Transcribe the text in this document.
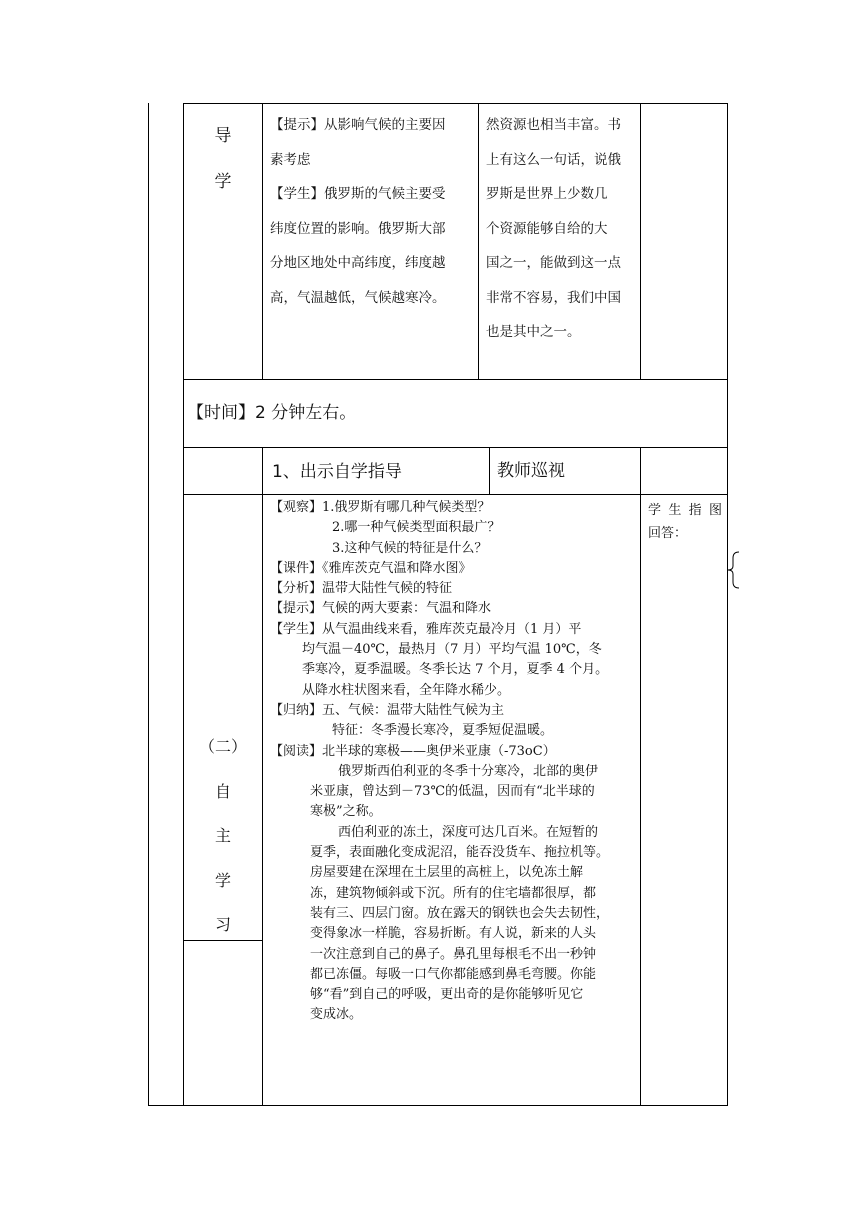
导
学
【提示】从影响气候的主要因
素考虑
【学生】俄罗斯的气候主要受
纬度位置的影响。俄罗斯大部
分地区地处中高纬度，纬度越
高，气温越低，气候越寒冷。
然资源也相当丰富。书
上有这么一句话，说俄
罗斯是世界上少数几
个资源能够自给的大
国之一，能做到这一点
非常不容易，我们中国
也是其中之一。
【时间】2 分钟左右。
1、出示自学指导	教师巡视
（二）
自
主
学
习
学 生 指 图 回答：
【观察】1.俄罗斯有哪几种气候类型？
2.哪一种气候类型面积最广？
3.这种气候的特征是什么？
【课件】《雅库茨克气温和降水图》
【分析】温带大陆性气候的特征
【提示】气候的两大要素：气温和降水
【学生】从气温曲线来看，雅库茨克最冷月（1 月）平
均气温－40℃，最热月（7 月）平均气温 10℃，冬
季寒冷，夏季温暖。冬季长达 7 个月，夏季 4 个月。
从降水柱状图来看，全年降水稀少。
【归纳】五、气候：温带大陆性气候为主
特征：冬季漫长寒冷，夏季短促温暖。
【阅读】北半球的寒极——奥伊米亚康（-73oC）
俄罗斯西伯利亚的冬季十分寒冷，北部的奥伊
米亚康，曾达到－73℃的低温，因而有“北半球的
寒极”之称。
西伯利亚的冻土，深度可达几百米。在短暂的
夏季，表面融化变成泥沼，能吞没货车、拖拉机等。
房屋要建在深埋在土层里的高桩上，以免冻土解
冻，建筑物倾斜或下沉。所有的住宅墙都很厚，都
装有三、四层门窗。放在露天的钢铁也会失去韧性，
变得象冰一样脆，容易折断。有人说，新来的人头
一次注意到自己的鼻子。鼻孔里每根毛不出一秒钟
都已冻僵。每吸一口气你都能感到鼻毛弯腰。你能
够“看”到自己的呼吸，更出奇的是你能够听见它
变成冰。
